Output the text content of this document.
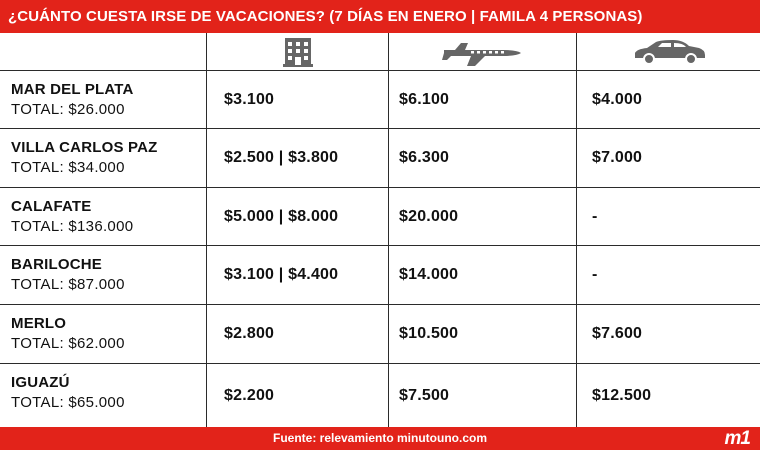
¿CUÁNTO CUESTA IRSE DE VACACIONES? (7 DÍAS EN ENERO | FAMILA 4 PERSONAS)
MAR DEL PLATA
TOTAL: $26.000
$3.100	$6.100	$4.000
VILLA CARLOS PAZ
TOTAL: $34.000
$2.500 | $3.800	$6.300	$7.000
CALAFATE
TOTAL: $136.000
$5.000 | $8.000	$20.000	-
BARILOCHE
TOTAL: $87.000
$3.100 | $4.400	$14.000	-
MERLO
TOTAL: $62.000
$2.800	$10.500	$7.600
IGUAZÚ
TOTAL: $65.000	$2.200	$7.500	$12.500
Fuente: relevamiento minutouno.com	m1
